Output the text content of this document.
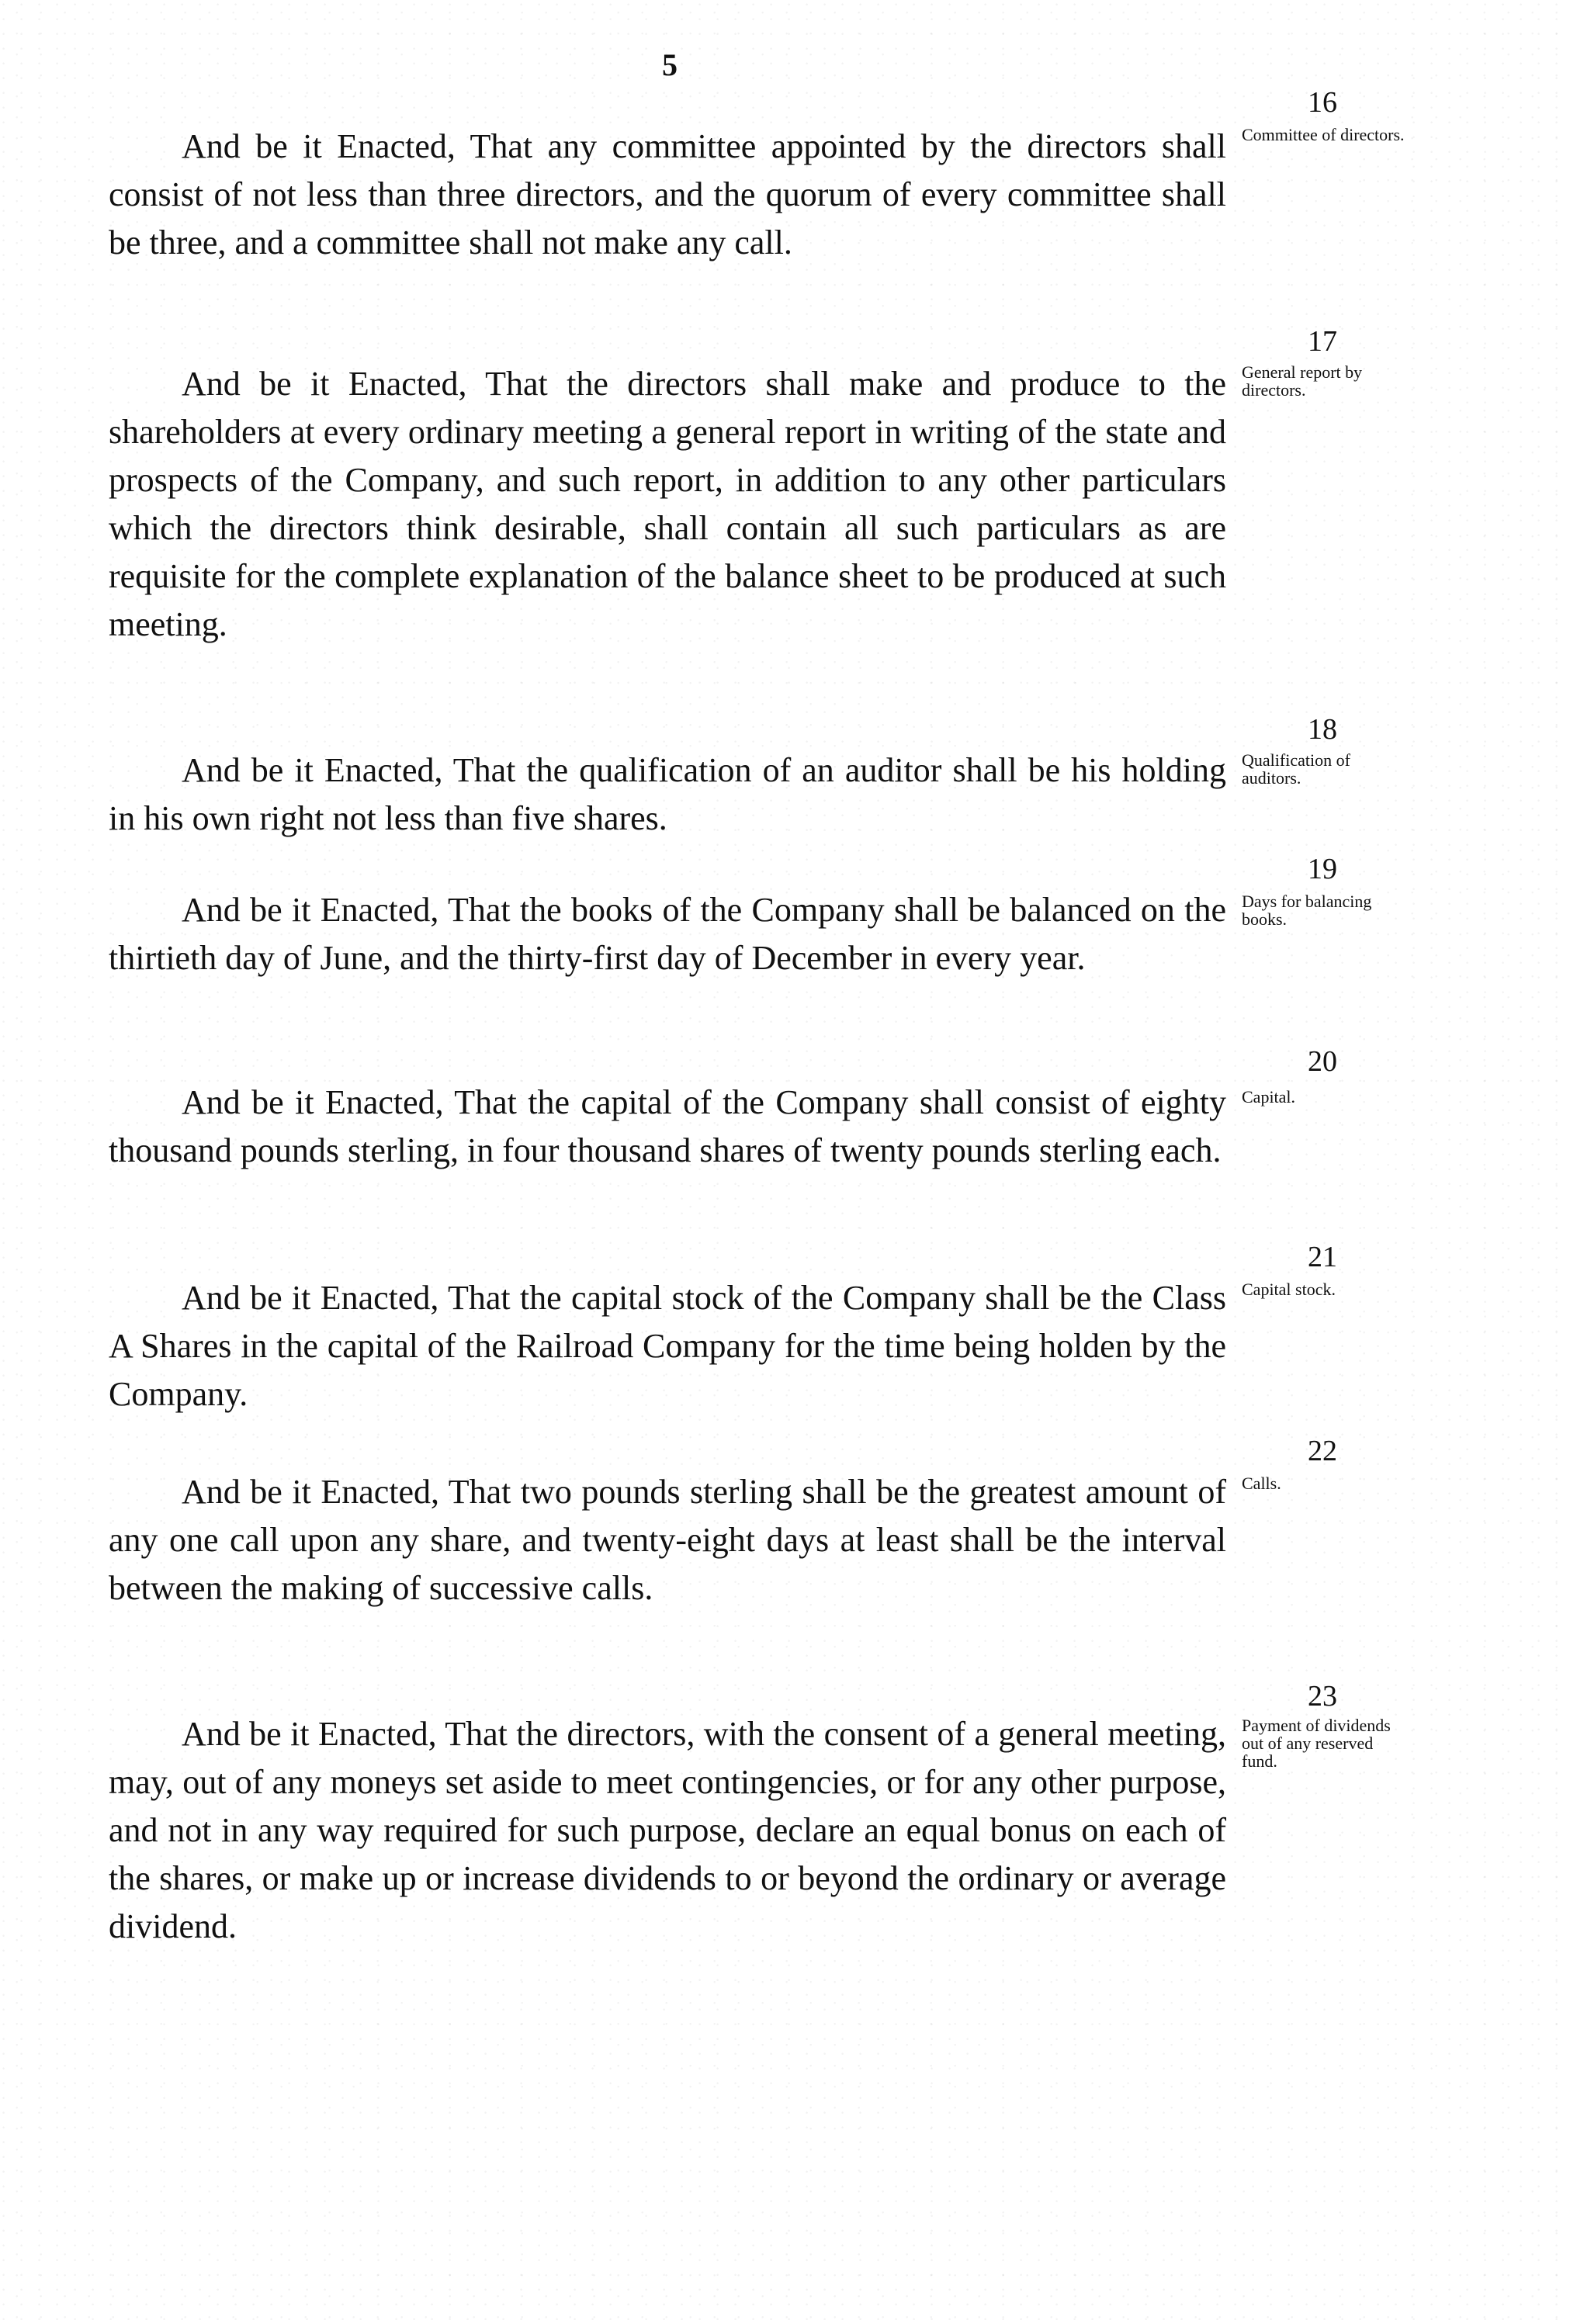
5
16
Committee of directors.

And be it Enacted, That any committee appointed by the directors shall consist of not less than three directors, and the quorum of every committee shall be three, and a committee shall not make any call.

17
General report by directors.

And be it Enacted, That the directors shall make and produce to the shareholders at every ordinary meeting a general report in writing of the state and prospects of the Company, and such report, in addition to any other particulars which the directors think desirable, shall contain all such particulars as are requisite for the complete explanation of the balance sheet to be produced at such meeting.

18
Qualification of auditors.

And be it Enacted, That the qualification of an auditor shall be his holding in his own right not less than five shares.

19
Days for balancing books.

And be it Enacted, That the books of the Company shall be balanced on the thirtieth day of June, and the thirty-first day of December in every year.

20
Capital.

And be it Enacted, That the capital of the Company shall consist of eighty thousand pounds sterling, in four thousand shares of twenty pounds sterling each.

21
Capital stock.

And be it Enacted, That the capital stock of the Company shall be the Class A Shares in the capital of the Railroad Company for the time being holden by the Company.

22
Calls.

And be it Enacted, That two pounds sterling shall be the greatest amount of any one call upon any share, and twenty-eight days at least shall be the interval between the making of successive calls.

23
Payment of dividends out of any reserved fund.

And be it Enacted, That the directors, with the consent of a general meeting, may, out of any moneys set aside to meet contingencies, or for any other purpose, and not in any way required for such purpose, declare an equal bonus on each of the shares, or make up or increase dividends to or beyond the ordinary or average dividend.
